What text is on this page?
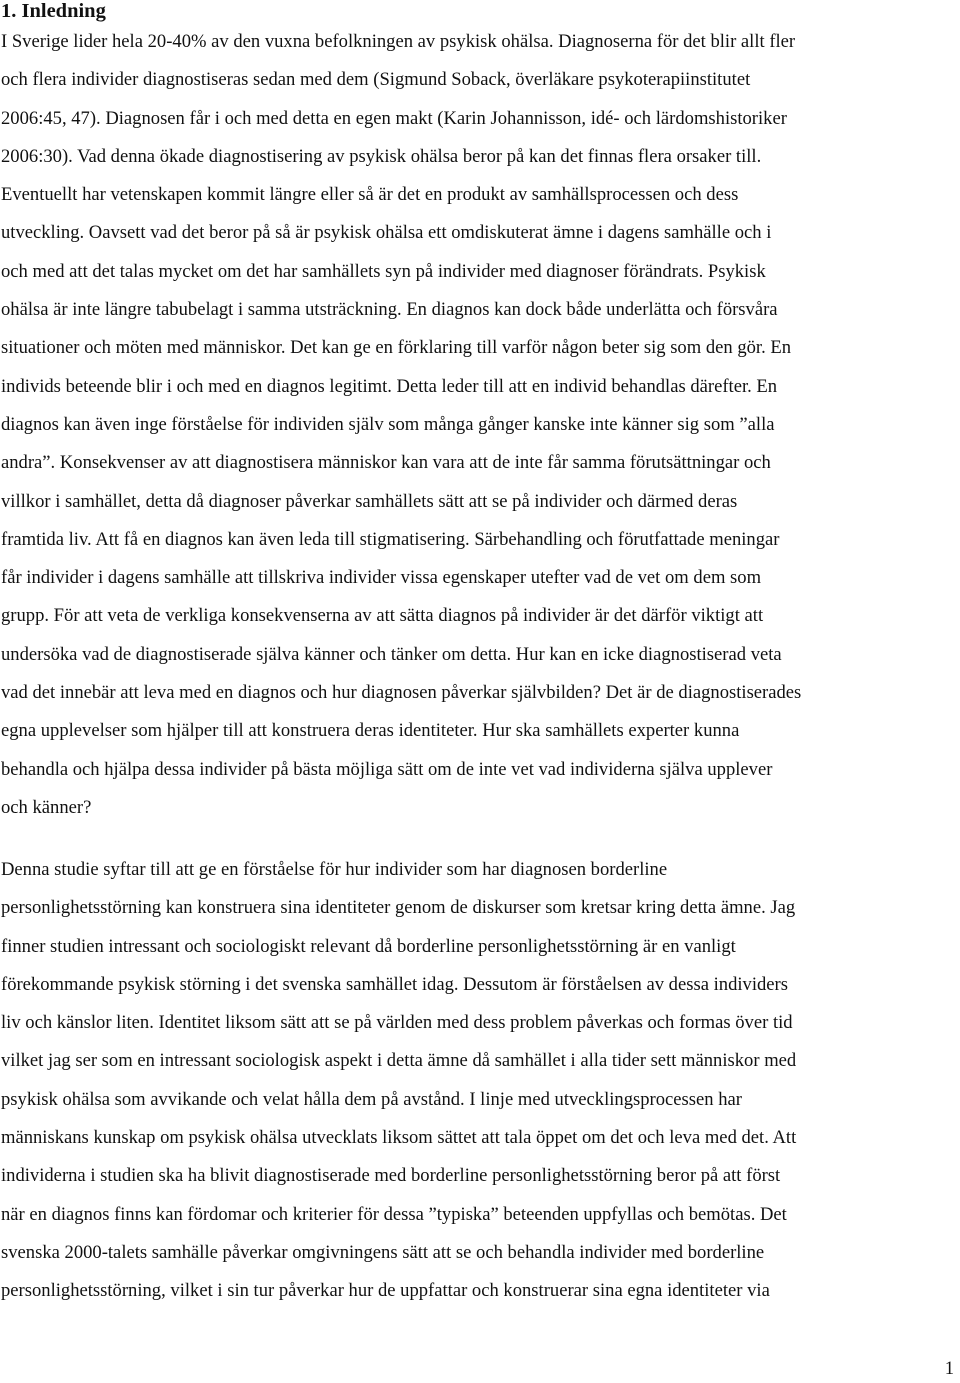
1. Inledning
I Sverige lider hela 20-40% av den vuxna befolkningen av psykisk ohälsa. Diagnoserna för det blir allt fler
och flera individer diagnostiseras sedan med dem (Sigmund Soback, överläkare psykoterapiinstitutet
2006:45, 47). Diagnosen får i och med detta en egen makt (Karin Johannisson, idé- och lärdomshistoriker
2006:30). Vad denna ökade diagnostisering av psykisk ohälsa beror på kan det finnas flera orsaker till.
Eventuellt har vetenskapen kommit längre eller så är det en produkt av samhällsprocessen och dess
utveckling. Oavsett vad det beror på så är psykisk ohälsa ett omdiskuterat ämne i dagens samhälle och i
och med att det talas mycket om det har samhällets syn på individer med diagnoser förändrats. Psykisk
ohälsa är inte längre tabubelagt i samma utsträckning. En diagnos kan dock både underlätta och försvåra
situationer och möten med människor. Det kan ge en förklaring till varför någon beter sig som den gör. En
individs beteende blir i och med en diagnos legitimt. Detta leder till att en individ behandlas därefter. En
diagnos kan även inge förståelse för individen själv som många gånger kanske inte känner sig som ”alla
andra”. Konsekvenser av att diagnostisera människor kan vara att de inte får samma förutsättningar och
villkor i samhället, detta då diagnoser påverkar samhällets sätt att se på individer och därmed deras
framtida liv. Att få en diagnos kan även leda till stigmatisering. Särbehandling och förutfattade meningar
får individer i dagens samhälle att tillskriva individer vissa egenskaper utefter vad de vet om dem som
grupp. För att veta de verkliga konsekvenserna av att sätta diagnos på individer är det därför viktigt att
undersöka vad de diagnostiserade själva känner och tänker om detta. Hur kan en icke diagnostiserad veta
vad det innebär att leva med en diagnos och hur diagnosen påverkar självbilden? Det är de diagnostiserades
egna upplevelser som hjälper till att konstruera deras identiteter. Hur ska samhällets experter kunna
behandla och hjälpa dessa individer på bästa möjliga sätt om de inte vet vad individerna själva upplever
och känner?
Denna studie syftar till att ge en förståelse för hur individer som har diagnosen borderline
personlighetsstörning kan konstruera sina identiteter genom de diskurser som kretsar kring detta ämne. Jag
finner studien intressant och sociologiskt relevant då borderline personlighetsstörning är en vanligt
förekommande psykisk störning i det svenska samhället idag. Dessutom är förståelsen av dessa individers
liv och känslor liten. Identitet liksom sätt att se på världen med dess problem påverkas och formas över tid
vilket jag ser som en intressant sociologisk aspekt i detta ämne då samhället i alla tider sett människor med
psykisk ohälsa som avvikande och velat hålla dem på avstånd. I linje med utvecklingsprocessen har
människans kunskap om psykisk ohälsa utvecklats liksom sättet att tala öppet om det och leva med det. Att
individerna i studien ska ha blivit diagnostiserade med borderline personlighetsstörning beror på att först
när en diagnos finns kan fördomar och kriterier för dessa ”typiska” beteenden uppfyllas och bemötas. Det
svenska 2000-talets samhälle påverkar omgivningens sätt att se och behandla individer med borderline
personlighetsstörning, vilket i sin tur påverkar hur de uppfattar och konstruerar sina egna identiteter via
1
